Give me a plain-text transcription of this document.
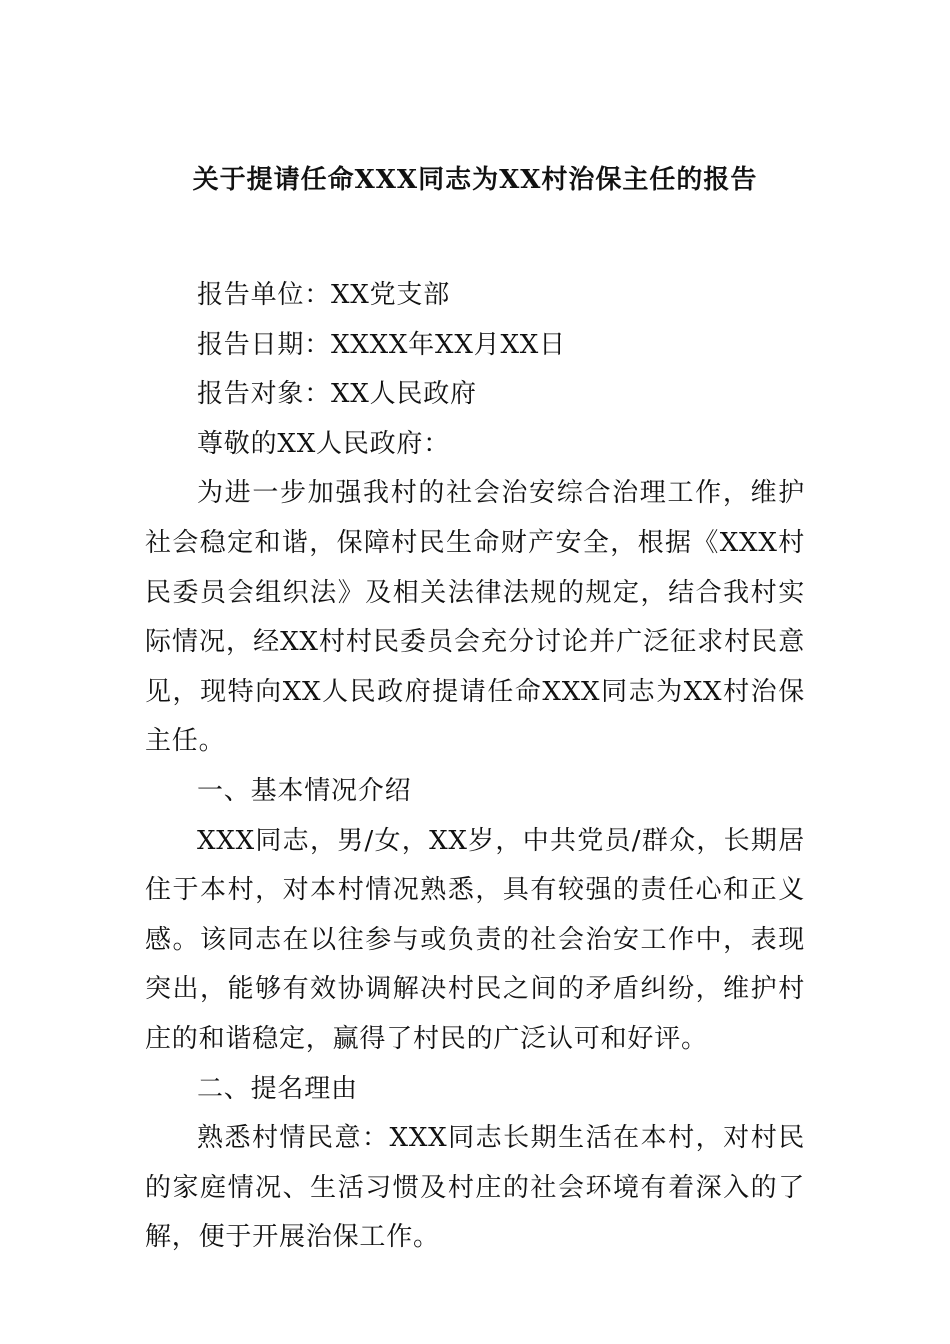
关于提请任命XXX同志为XX村治保主任的报告

报告单位：XX党支部

报告日期：XXXX年XX月XX日

报告对象：XX人民政府

尊敬的XX人民政府：

为进一步加强我村的社会治安综合治理工作，维护社会稳定和谐，保障村民生命财产安全，根据《XXX村民委员会组织法》及相关法律法规的规定，结合我村实际情况，经XX村村民委员会充分讨论并广泛征求村民意见，现特向XX人民政府提请任命XXX同志为XX村治保主任。

一、基本情况介绍

XXX同志，男/女，XX岁，中共党员/群众，长期居住于本村，对本村情况熟悉，具有较强的责任心和正义感。该同志在以往参与或负责的社会治安工作中，表现突出，能够有效协调解决村民之间的矛盾纠纷，维护村庄的和谐稳定，赢得了村民的广泛认可和好评。

二、提名理由

熟悉村情民意：XXX同志长期生活在本村，对村民的家庭情况、生活习惯及村庄的社会环境有着深入的了解，便于开展治保工作。
